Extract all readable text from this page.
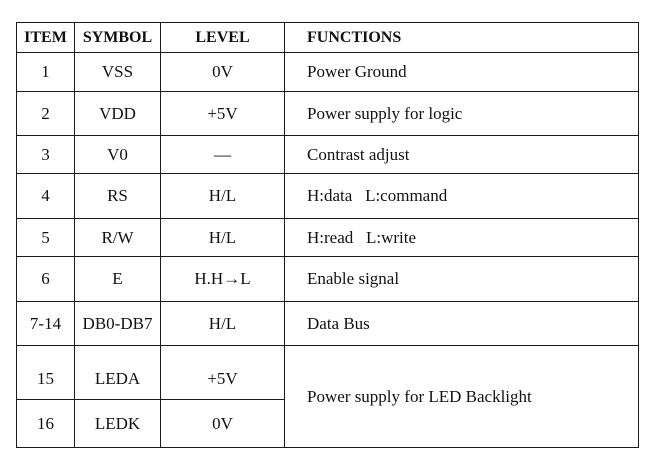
ITEM	SYMBOL	LEVEL	FUNCTIONS
1	VSS	0V	Power Ground
2	VDD	+5V	Power supply for logic
3	V0	—	Contrast adjust
4	RS	H/L	H:data   L:command
5	R/W	H/L	H:read   L:write
6	E	H.H→L	Enable signal
7-14	DB0-DB7	H/L	Data Bus
15	LEDA	+5V	Power supply for LED Backlight
16	LEDK	0V	
